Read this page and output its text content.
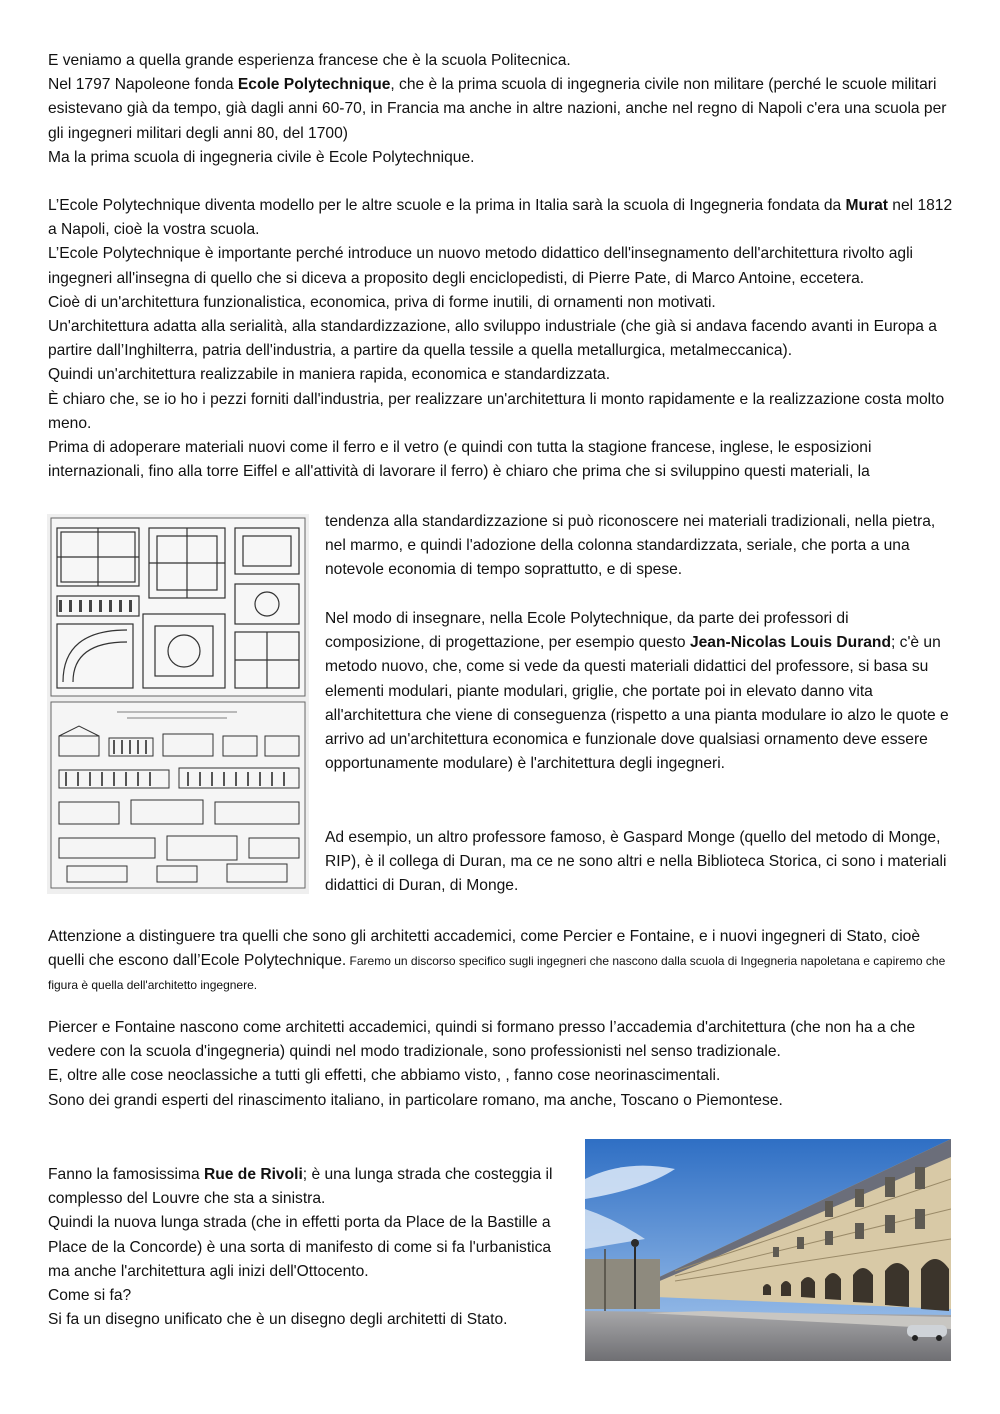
E veniamo a quella grande esperienza francese che è la scuola Politecnica.

Nel 1797 Napoleone fonda Ecole Polytechnique, che è la prima scuola di ingegneria civile non militare (perché le scuole militari esistevano già da tempo, già dagli anni 60-70, in Francia ma anche in altre nazioni, anche nel regno di Napoli c'era una scuola per gli ingegneri militari degli anni 80, del 1700)

Ma la prima scuola di ingegneria civile è Ecole Polytechnique.

L’Ecole Polytechnique diventa modello per le altre scuole e la prima in Italia sarà la scuola di Ingegneria fondata da Murat nel 1812 a Napoli, cioè la vostra scuola.

L’Ecole Polytechnique è importante perché introduce un nuovo metodo didattico dell'insegnamento dell'architettura rivolto agli ingegneri all'insegna di quello che si diceva a proposito degli enciclopedisti, di Pierre Pate, di Marco Antoine, eccetera.

Cioè di un'architettura funzionalistica, economica, priva di forme inutili, di ornamenti non motivati.

Un'architettura adatta alla serialità, alla standardizzazione, allo sviluppo industriale (che già si andava facendo avanti in Europa a partire dall’Inghilterra, patria dell'industria, a partire da quella tessile a quella metallurgica, metalmeccanica).

Quindi un'architettura realizzabile in maniera rapida, economica e standardizzata.

È chiaro che, se io ho i pezzi forniti dall'industria, per realizzare un'architettura li monto rapidamente e la realizzazione costa molto meno.

Prima di adoperare materiali nuovi come il ferro e il vetro (e quindi con tutta la stagione francese, inglese, le esposizioni internazionali, fino alla torre Eiffel e all'attività di lavorare il ferro) è chiaro che prima che si sviluppino questi materiali, la

tendenza alla standardizzazione si può riconoscere nei materiali tradizionali, nella pietra, nel marmo, e quindi l'adozione della colonna standardizzata, seriale, che porta a una notevole economia di tempo soprattutto, e di spese.

Nel modo di insegnare, nella Ecole Polytechnique, da parte dei professori di composizione, di progettazione, per esempio questo Jean-Nicolas Louis Durand; c'è un metodo nuovo, che, come si vede da questi materiali didattici del professore, si basa su elementi modulari, piante modulari, griglie, che portate poi in elevato danno vita all'architettura che viene di conseguenza (rispetto a una pianta modulare io alzo le quote e arrivo ad un'architettura economica e funzionale dove qualsiasi ornamento deve essere opportunamente modulare) è l'architettura degli ingegneri.

Ad esempio, un altro professore famoso, è Gaspard Monge (quello del metodo di Monge, RIP), è il collega di Duran, ma ce ne sono altri e nella Biblioteca Storica, ci sono i materiali didattici di Duran, di Monge.

Attenzione a distinguere tra quelli che sono gli architetti accademici, come Percier e Fontaine, e i nuovi ingegneri di Stato, cioè quelli che escono dall’Ecole Polytechnique. Faremo un discorso specifico sugli ingegneri che nascono dalla scuola di Ingegneria napoletana e capiremo che figura è quella dell'architetto ingegnere.

Piercer e Fontaine nascono come architetti accademici, quindi si formano presso l’accademia d'architettura (che non ha a che vedere con la scuola d'ingegneria) quindi nel modo tradizionale, sono professionisti nel senso tradizionale.

E, oltre alle cose neoclassiche a tutti gli effetti, che abbiamo visto, , fanno cose neorinascimentali.

Sono dei grandi esperti del rinascimento italiano, in particolare romano, ma anche, Toscano o Piemontese.

Fanno la famosissima Rue de Rivoli; è una lunga strada che costeggia il complesso del Louvre che sta a sinistra.

Quindi la nuova lunga strada (che in effetti porta da Place de la Bastille a Place de la Concorde) è una sorta di manifesto di come si fa l'urbanistica ma anche l'architettura agli inizi dell'Ottocento.

Come si fa?

Si fa un disegno unificato che è un disegno degli architetti di Stato.
